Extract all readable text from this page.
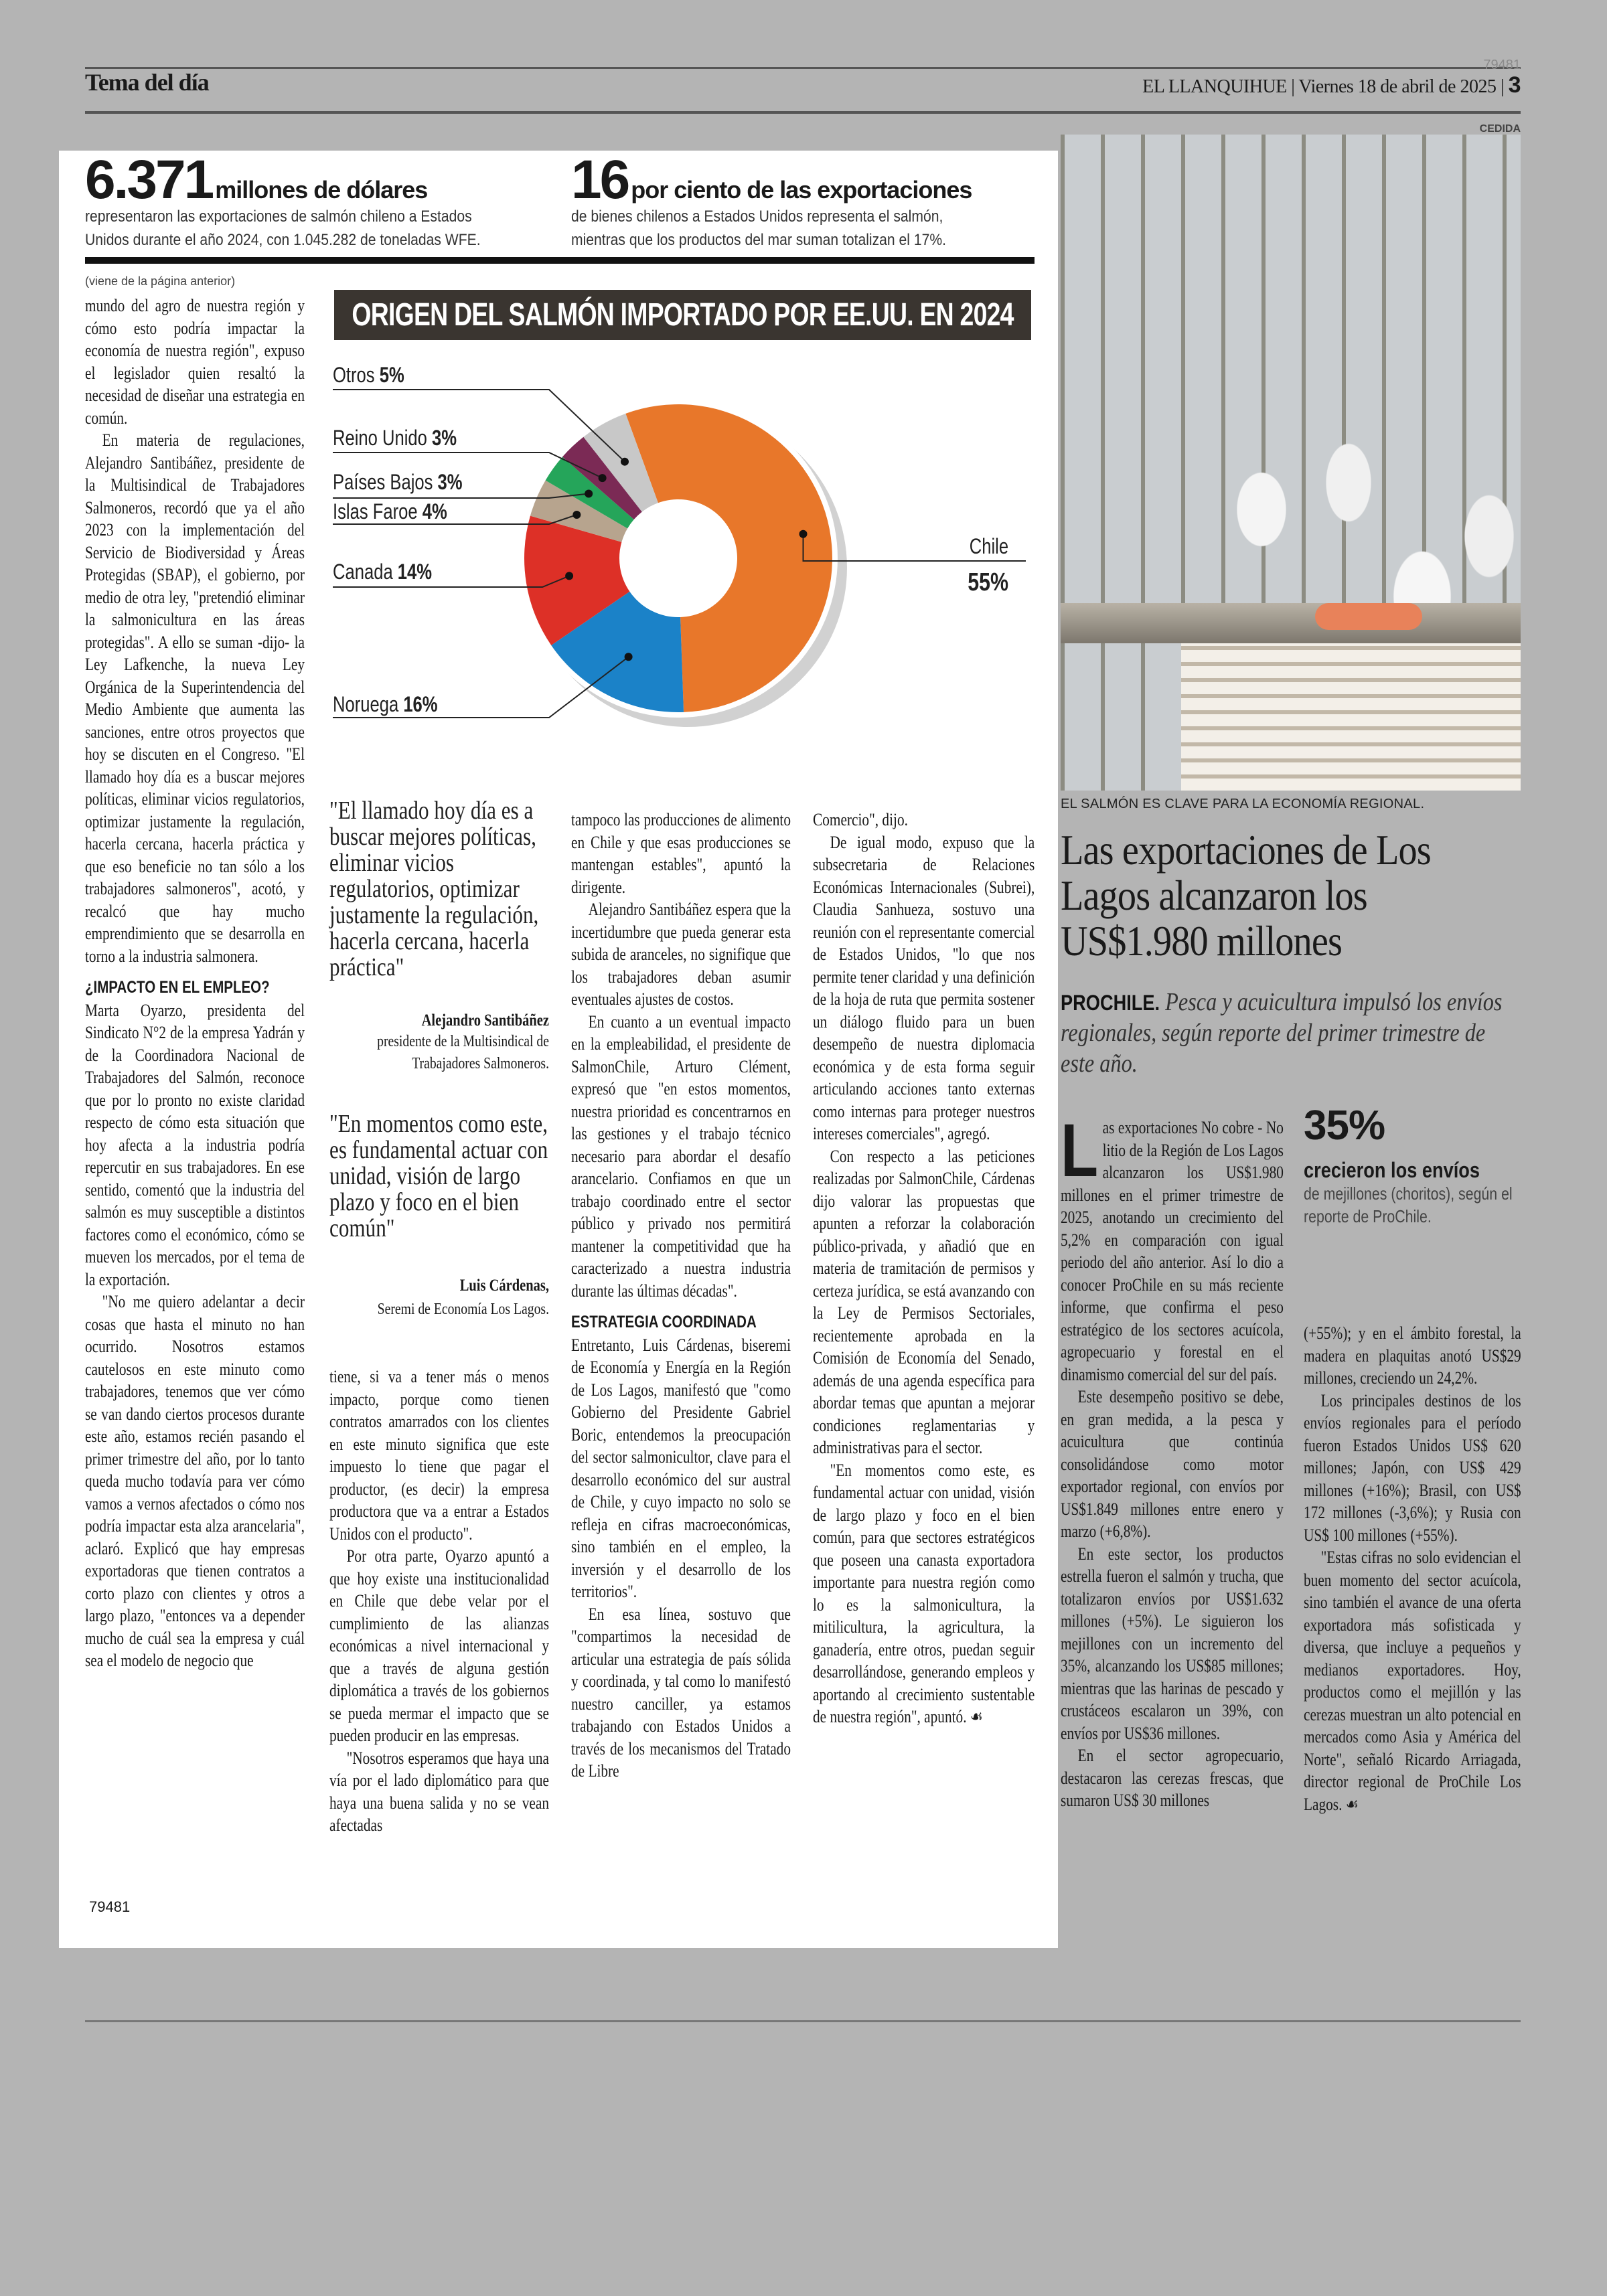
Tema del día
79481
EL LLANQUIHUE | Viernes 18 de abril de 2025 | 3
6.371 millones de dólares
representaron las exportaciones de salmón chileno a Estados Unidos durante el año 2024, con 1.045.282 de toneladas WFE.
16 por ciento de las exportaciones
de bienes chilenos a Estados Unidos representa el salmón, mientras que los productos del mar suman totalizan el 17%.
ORIGEN DEL SALMÓN IMPORTADO POR EE.UU. EN 2024
Chile
55%
Noruega 16%
Canada 14%
Islas Faroe 4%
Países Bajos 3%
Reino Unido 3%
Otros 5%
(viene de la página anterior)

mundo del agro de nuestra región y cómo esto podría impactar la economía de nuestra región", expuso el legislador quien resaltó la necesidad de diseñar una estrategia en común.

En materia de regulaciones, Alejandro Santibáñez, presidente de la Multisindical de Trabajadores Salmoneros, recordó que ya el año 2023 con la implementación del Servicio de Biodiversidad y Áreas Protegidas (SBAP), el gobierno, por medio de otra ley, "pretendió eliminar la salmonicultura en las áreas protegidas". A ello se suman -dijo- la Ley Lafkenche, la nueva Ley Orgánica de la Superintendencia del Medio Ambiente que aumenta las sanciones, entre otros proyectos que hoy se discuten en el Congreso. "El llamado hoy día es a buscar mejores políticas, eliminar vicios regulatorios, optimizar justamente la regulación, hacerla cercana, hacerla práctica y que eso beneficie no tan sólo a los trabajadores salmoneros", acotó, y recalcó que hay mucho emprendimiento que se desarrolla en torno a la industria salmonera.

¿IMPACTO EN EL EMPLEO?

Marta Oyarzo, presidenta del Sindicato N°2 de la empresa Yadrán y de la Coordinadora Nacional de Trabajadores del Salmón, reconoce que por lo pronto no existe claridad respecto de cómo esta situación que hoy afecta a la industria podría repercutir en sus trabajadores. En ese sentido, comentó que la industria del salmón es muy susceptible a distintos factores como el económico, cómo se mueven los mercados, por el tema de la exportación.

"No me quiero adelantar a decir cosas que hasta el minuto no han ocurrido. Nosotros estamos cautelosos en este minuto como trabajadores, tenemos que ver cómo se van dando ciertos procesos durante este año, estamos recién pasando el primer trimestre del año, por lo tanto queda mucho todavía para ver cómo vamos a vernos afectados o cómo nos podría impactar esta alza arancelaria", aclaró. Explicó que hay empresas exportadoras que tienen contratos a corto plazo con clientes y otros a largo plazo, "entonces va a depender mucho de cuál sea la empresa y cuál sea el modelo de negocio que

79481
"El llamado hoy día es a buscar mejores políticas, eliminar vicios regulatorios, optimizar justamente la regulación, hacerla cercana, hacerla práctica"
Alejandro Santibáñez
presidente de la Multisindical de Trabajadores Salmoneros.
"En momentos como este, es fundamental actuar con unidad, visión de largo plazo y foco en el bien común"
Luis Cárdenas,
Seremi de Economía Los Lagos.

tiene, si va a tener más o menos impacto, porque como tienen contratos amarrados con los clientes en este minuto significa que este impuesto lo tiene que pagar el productor, (es decir) la empresa productora que va a entrar a Estados Unidos con el producto".

Por otra parte, Oyarzo apuntó a que hoy existe una institucionalidad en Chile que debe velar por el cumplimiento de las alianzas económicas a nivel internacional y que a través de alguna gestión diplomática a través de los gobiernos se pueda mermar el impacto que se pueden producir en las empresas.

"Nosotros esperamos que haya una vía por el lado diplomático para que haya una buena salida y no se vean afectadas

tampoco las producciones de alimento en Chile y que esas producciones se mantengan estables", apuntó la dirigente.

Alejandro Santibáñez espera que la incertidumbre que pueda generar esta subida de aranceles, no signifique que los trabajadores deban asumir eventuales ajustes de costos.

En cuanto a un eventual impacto en la empleabilidad, el presidente de SalmonChile, Arturo Clément, expresó que "en estos momentos, nuestra prioridad es concentrarnos en las gestiones y el trabajo técnico necesario para abordar el desafío arancelario. Confiamos en que un trabajo coordinado entre el sector público y privado nos permitirá mantener la competitividad que ha caracterizado a nuestra industria durante las últimas décadas".

ESTRATEGIA COORDINADA

Entretanto, Luis Cárdenas, biseremi de Economía y Energía en la Región de Los Lagos, manifestó que "como Gobierno del Presidente Gabriel Boric, entendemos la preocupación del sector salmonicultor, clave para el desarrollo económico del sur austral de Chile, y cuyo impacto no solo se refleja en cifras macroeconómicas, sino también en el empleo, la inversión y el desarrollo de los territorios".

En esa línea, sostuvo que "compartimos la necesidad de articular una estrategia de país sólida y coordinada, y tal como lo manifestó nuestro canciller, ya estamos trabajando con Estados Unidos a través de los mecanismos del Tratado de Libre

Comercio", dijo.

De igual modo, expuso que la subsecretaria de Relaciones Económicas Internacionales (Subrei), Claudia Sanhueza, sostuvo una reunión con el representante comercial de Estados Unidos, "lo que nos permite tener claridad y una definición de la hoja de ruta que permita sostener un diálogo fluido para un buen desempeño de nuestra diplomacia económica y de esta forma seguir articulando acciones tanto externas como internas para proteger nuestros intereses comerciales", agregó.

Con respecto a las peticiones realizadas por SalmonChile, Cárdenas dijo valorar las propuestas que apunten a reforzar la colaboración público-privada, y añadió que en materia de tramitación de permisos y certeza jurídica, se está avanzando con la Ley de Permisos Sectoriales, recientemente aprobada en la Comisión de Economía del Senado, además de una agenda específica para abordar temas que apuntan a mejorar condiciones reglamentarias y administrativas para el sector.

"En momentos como este, es fundamental actuar con unidad, visión de largo plazo y foco en el bien común, para que sectores estratégicos que poseen una canasta exportadora importante para nuestra región como lo es la salmonicultura, la mitilicultura, la agricultura, la ganadería, entre otros, puedan seguir desarrollándose, generando empleos y aportando al crecimiento sustentable de nuestra región", apuntó. ☙

CEDIDA
EL SALMÓN ES CLAVE PARA LA ECONOMÍA REGIONAL.
Las exportaciones de Los Lagos alcanzaron los US$1.980 millones
PROCHILE. Pesca y acuicultura impulsó los envíos regionales, según reporte del primer trimestre de este año.
L as exportaciones No cobre - No litio de la Región de Los Lagos alcanzaron los US$1.980 millones en el primer trimestre de 2025, anotando un crecimiento del 5,2% en comparación con igual periodo del año anterior. Así lo dio a conocer ProChile en su más reciente informe, que confirma el peso estratégico de los sectores acuícola, agropecuario y forestal en el dinamismo comercial del sur del país.

Este desempeño positivo se debe, en gran medida, a la pesca y acuicultura que continúa consolidándose como motor exportador regional, con envíos por US$1.849 millones entre enero y marzo (+6,8%).

En este sector, los productos estrella fueron el salmón y trucha, que totalizaron envíos por US$1.632 millones (+5%). Le siguieron los mejillones con un incremento del 35%, alcanzando los US$85 millones; mientras que las harinas de pescado y crustáceos escalaron un 39%, con envíos por US$36 millones.

En el sector agropecuario, destacaron las cerezas frescas, que sumaron US$ 30 millones

35%
crecieron los envíos
de mejillones (choritos), según el reporte de ProChile.

(+55%); y en el ámbito forestal, la madera en plaquitas anotó US$29 millones, creciendo un 24,2%.

Los principales destinos de los envíos regionales para el período fueron Estados Unidos US$ 620 millones; Japón, con US$ 429 millones (+16%); Brasil, con US$ 172 millones (-3,6%); y Rusia con US$ 100 millones (+55%).

"Estas cifras no solo evidencian el buen momento del sector acuícola, sino también el avance de una oferta exportadora más sofisticada y diversa, que incluye a pequeños y medianos exportadores. Hoy, productos como el mejillón y las cerezas muestran un alto potencial en mercados como Asia y América del Norte", señaló Ricardo Arriagada, director regional de ProChile Los Lagos. ☙
